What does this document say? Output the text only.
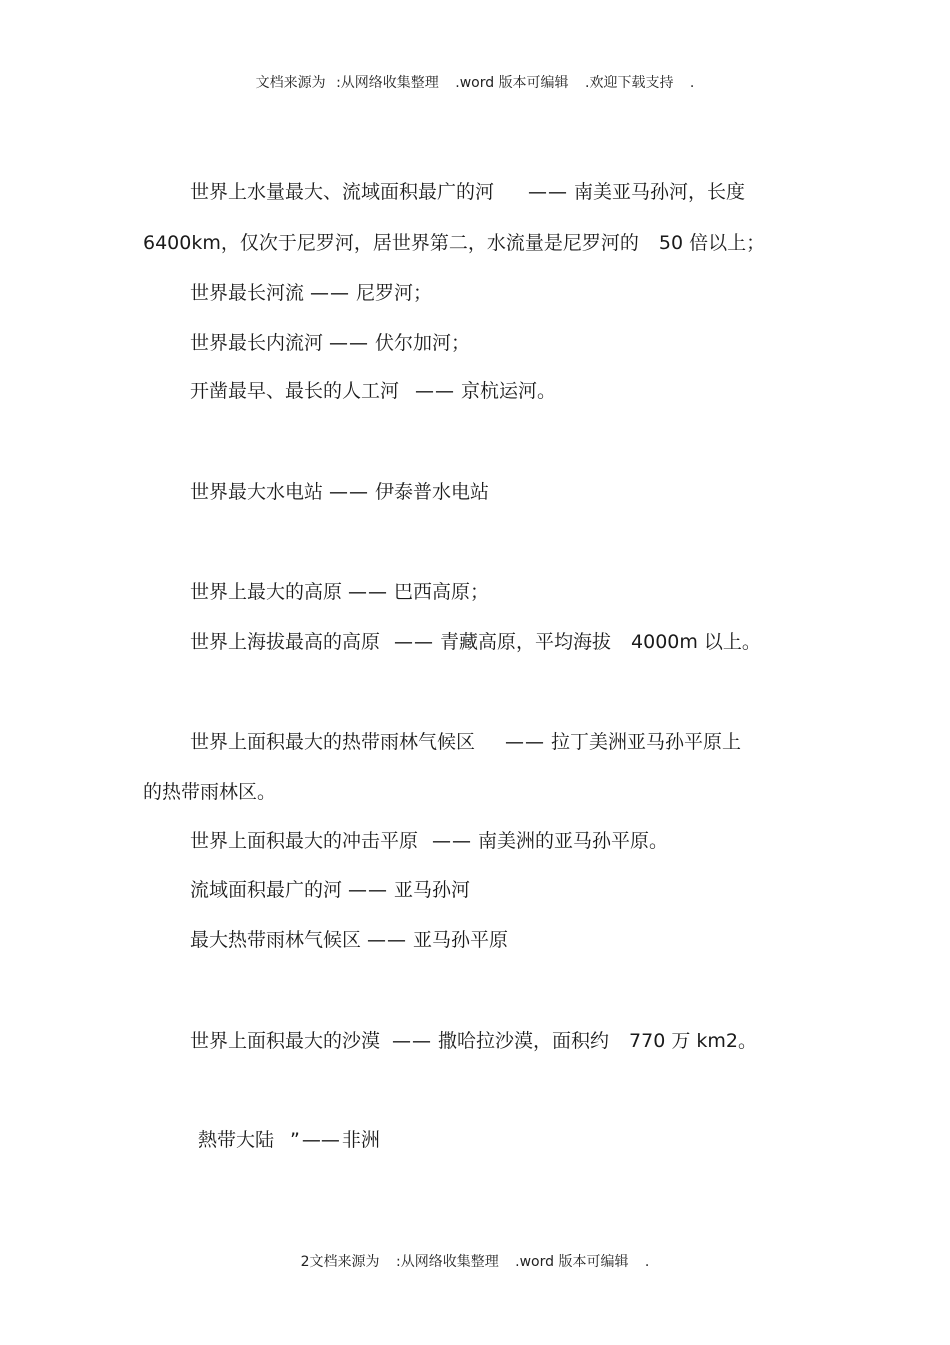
文档来源为 :从网络收集整理 .word 版本可编辑 .欢迎下载支持 .
世界上水量最大、流域面积最广的河 —— 南美亚马孙河，长度
6400km，仅次于尼罗河，居世界第二，水流量是尼罗河的 50 倍以上；
世界最长河流 —— 尼罗河；
世界最长内流河 —— 伏尔加河；
开凿最早、最长的人工河 —— 京杭运河。
世界最大水电站 —— 伊泰普水电站
世界上最大的高原 —— 巴西高原；
世界上海拔最高的高原 —— 青藏高原，平均海拔 4000m 以上。
世界上面积最大的热带雨林气候区 —— 拉丁美洲亚马孙平原上
的热带雨林区。
世界上面积最大的冲击平原 —— 南美洲的亚马孙平原。
流域面积最广的河 —— 亚马孙河
最大热带雨林气候区 —— 亚马孙平原
世界上面积最大的沙漠 —— 撒哈拉沙漠，面积约 770 万 km2。
熱带大陆 ” —— 非洲
2文档来源为 :从网络收集整理 .word 版本可编辑 .
